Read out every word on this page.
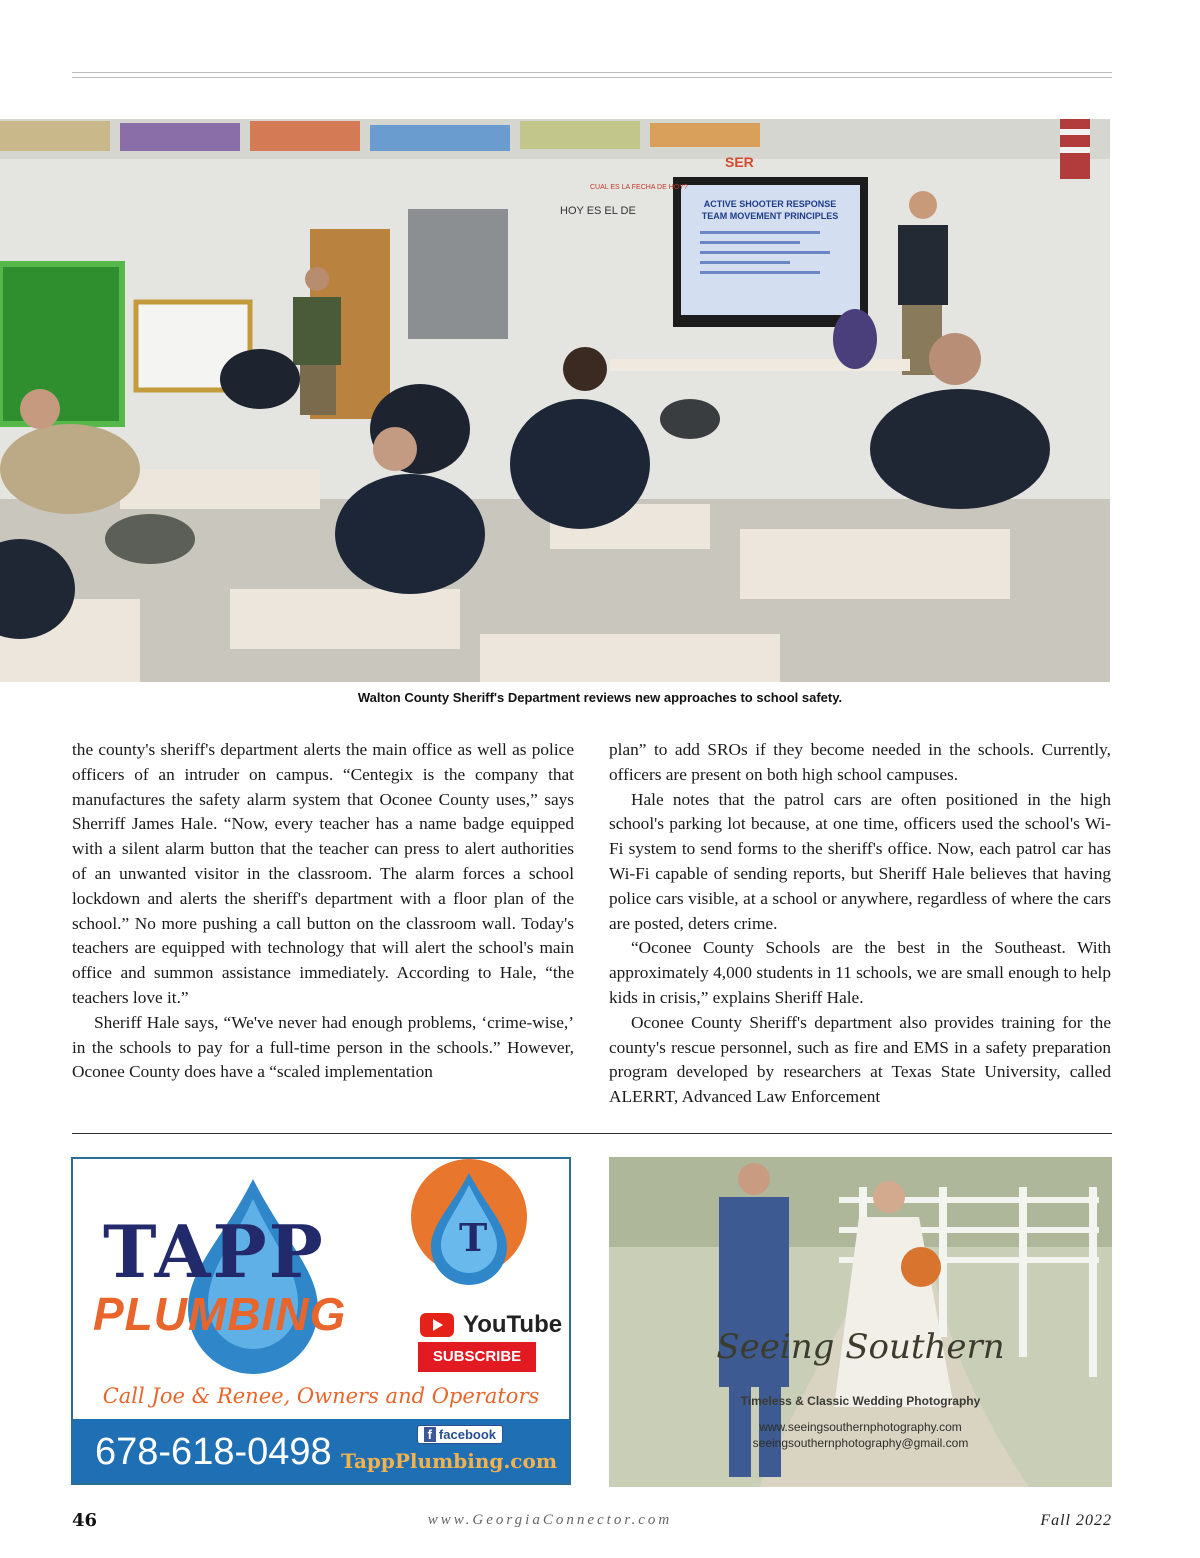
ACTIVE SHOOTER RESPONSE
TEAM MOVEMENT PRINCIPLES
CUAL ES LA FECHA DE HOY?
HOY ES EL DE
SER
Walton County Sheriff's Department reviews new approaches to school safety.

the county's sheriff's department alerts the main office as well as police officers of an intruder on campus. “Centegix is the company that manufactures the safety alarm system that Oconee County uses,” says Sherriff James Hale. “Now, every teacher has a name badge equipped with a silent alarm button that the teacher can press to alert authorities of an unwanted visitor in the classroom. The alarm forces a school lockdown and alerts the sheriff's department with a floor plan of the school.” No more pushing a call button on the classroom wall. Today's teachers are equipped with technology that will alert the school's main office and summon assistance immediately. According to Hale, “the teachers love it.”

Sheriff Hale says, “We've never had enough problems, ‘crime-wise,’ in the schools to pay for a full-time person in the schools.” However, Oconee County does have a “scaled implementation

plan” to add SROs if they become needed in the schools. Currently, officers are present on both high school campuses.

Hale notes that the patrol cars are often positioned in the high school's parking lot because, at one time, officers used the school's Wi-Fi system to send forms to the sheriff's office. Now, each patrol car has Wi-Fi capable of sending reports, but Sheriff Hale believes that having police cars visible, at a school or anywhere, regardless of where the cars are posted, deters crime.

“Oconee County Schools are the best in the Southeast. With approximately 4,000 students in 11 schools, we are small enough to help kids in crisis,” explains Sheriff Hale.

Oconee County Sheriff's department also provides training for the county's rescue personnel, such as fire and EMS in a safety preparation program developed by researchers at Texas State University, called ALERRT, Advanced Law Enforcement

T
TAPP
PLUMBING	YouTube
SUBSCRIBE
Call Joe & Renee, Owners and Operators
678-618-0498	f facebook
TappPlumbing.com
Seeing Southern
Timeless & Classic Wedding Photography
www.seeingsouthernphotography.com
seeingsouthernphotography@gmail.com
46	www.GeorgiaConnector.com	Fall 2022
